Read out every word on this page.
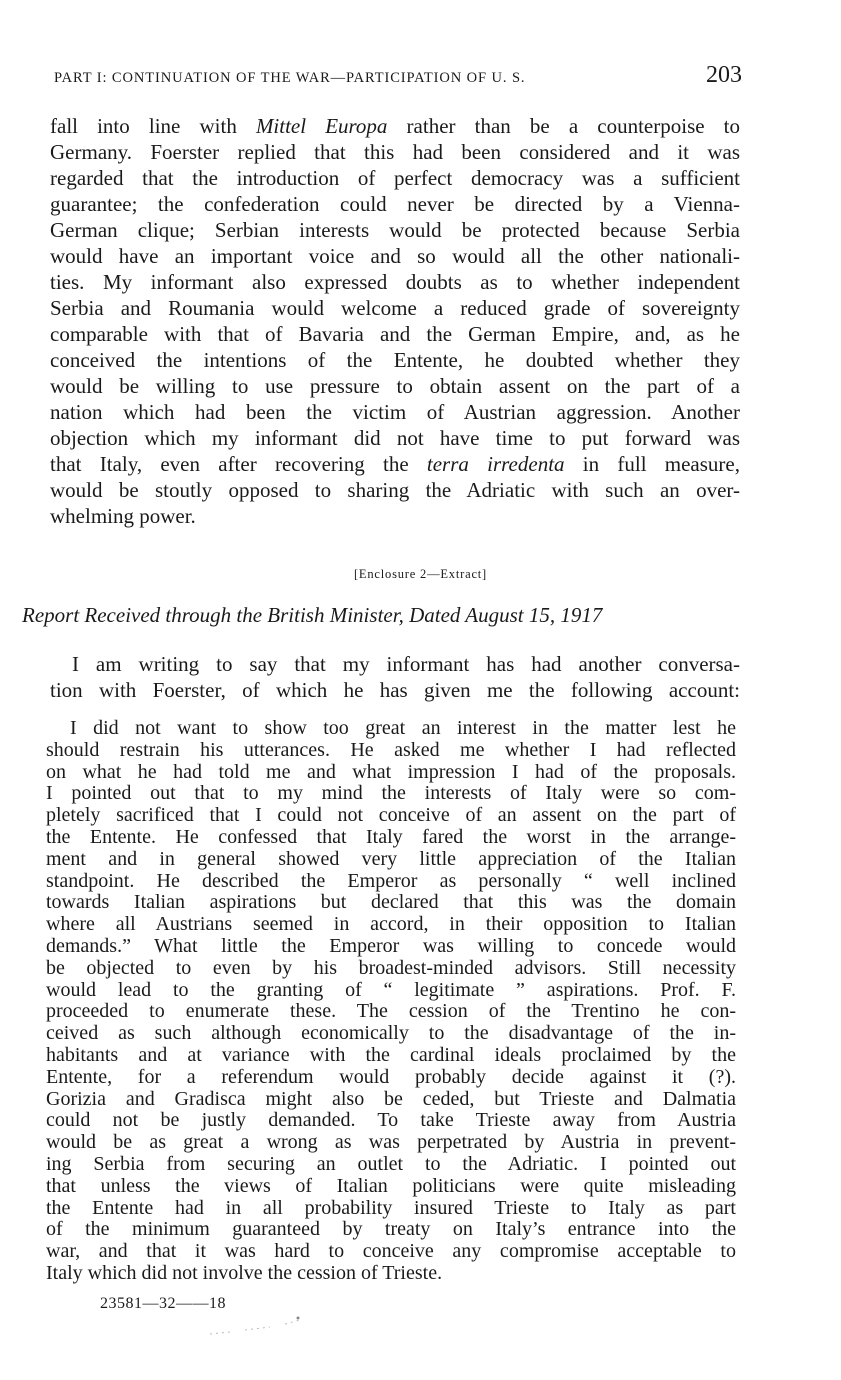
PART I: CONTINUATION OF THE WAR—PARTICIPATION OF U. S.	203
fall into line with Mittel Europa rather than be a counterpoise to
Germany. Foerster replied that this had been considered and it was
regarded that the introduction of perfect democracy was a sufficient
guarantee; the confederation could never be directed by a Vienna-
German clique; Serbian interests would be protected because Serbia
would have an important voice and so would all the other nationali-
ties. My informant also expressed doubts as to whether independent
Serbia and Roumania would welcome a reduced grade of sovereignty
comparable with that of Bavaria and the German Empire, and, as he
conceived the intentions of the Entente, he doubted whether they
would be willing to use pressure to obtain assent on the part of a
nation which had been the victim of Austrian aggression. Another
objection which my informant did not have time to put forward was
that Italy, even after recovering the terra irredenta in full measure,
would be stoutly opposed to sharing the Adriatic with such an over-
whelming power.
[Enclosure 2—Extract]
Report Received through the British Minister, Dated August 15, 1917
I am writing to say that my informant has had another conversa-
tion with Foerster, of which he has given me the following account:
I did not want to show too great an interest in the matter lest he
should restrain his utterances. He asked me whether I had reflected
on what he had told me and what impression I had of the proposals.
I pointed out that to my mind the interests of Italy were so com-
pletely sacrificed that I could not conceive of an assent on the part of
the Entente. He confessed that Italy fared the worst in the arrange-
ment and in general showed very little appreciation of the Italian
standpoint. He described the Emperor as personally “ well inclined
towards Italian aspirations but declared that this was the domain
where all Austrians seemed in accord, in their opposition to Italian
demands.” What little the Emperor was willing to concede would
be objected to even by his broadest-minded advisors. Still necessity
would lead to the granting of “ legitimate ” aspirations. Prof. F.
proceeded to enumerate these. The cession of the Trentino he con-
ceived as such although economically to the disadvantage of the in-
habitants and at variance with the cardinal ideals proclaimed by the
Entente, for a referendum would probably decide against it (?).
Gorizia and Gradisca might also be ceded, but Trieste and Dalmatia
could not be justly demanded. To take Trieste away from Austria
would be as great a wrong as was perpetrated by Austria in prevent-
ing Serbia from securing an outlet to the Adriatic. I pointed out
that unless the views of Italian politicians were quite misleading
the Entente had in all probability insured Trieste to Italy as part
of the minimum guaranteed by treaty on Italy’s entrance into the
war, and that it was hard to conceive any compromise acceptable to
Italy which did not involve the cession of Trieste.
23581—32——18
